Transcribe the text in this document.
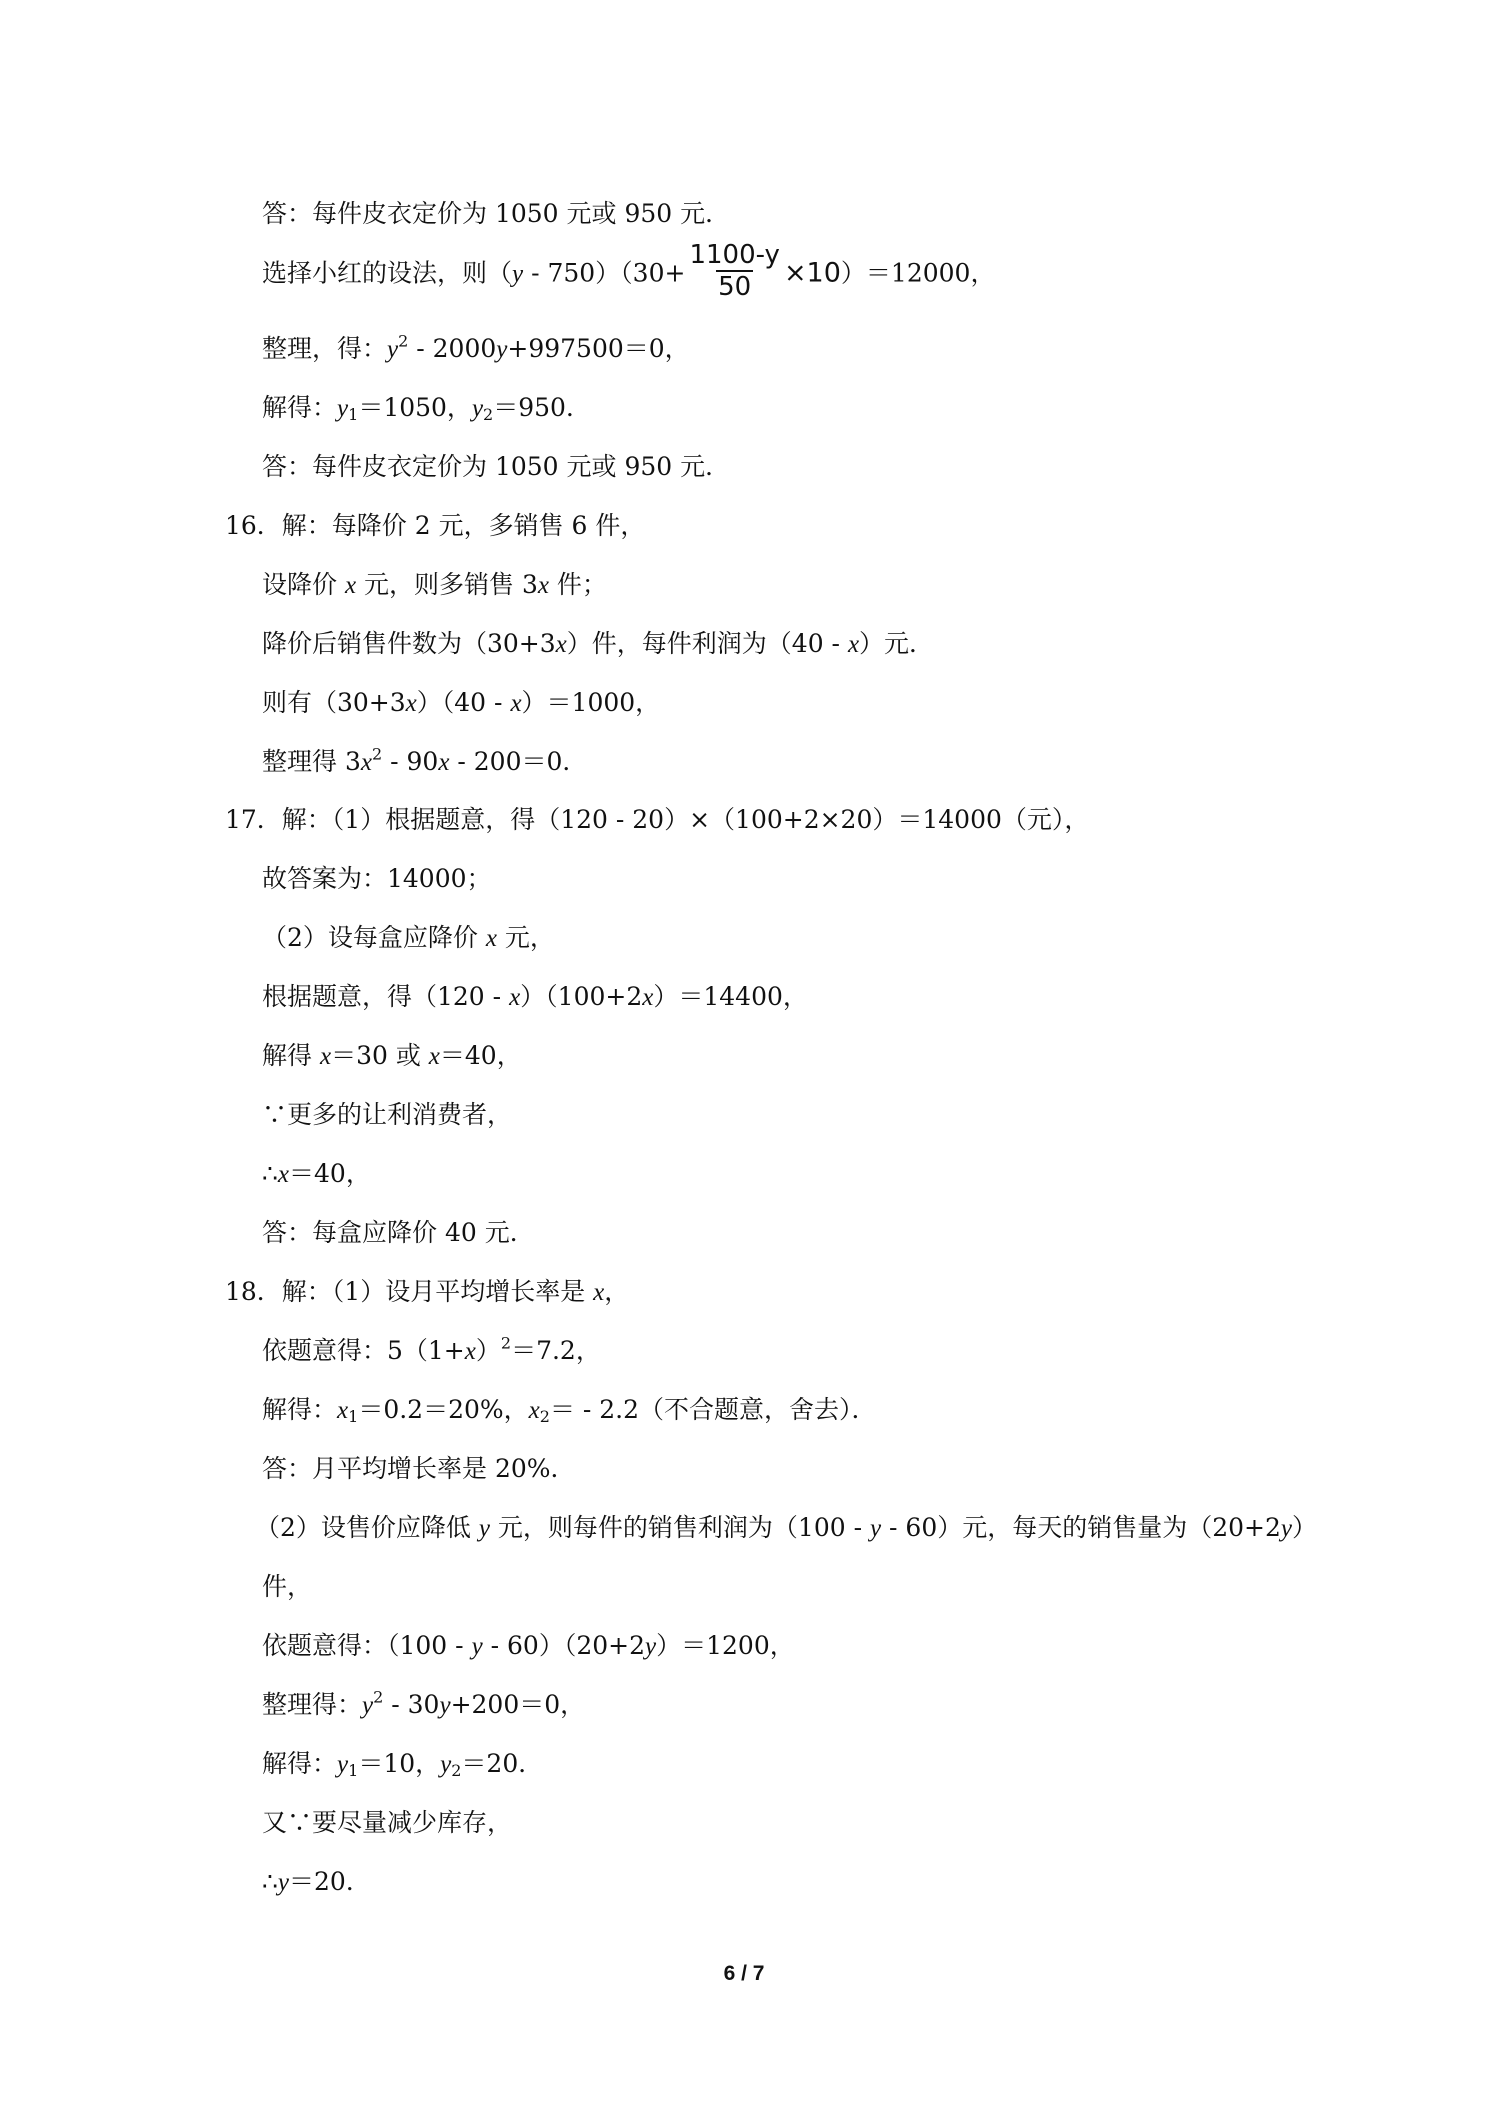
答：每件皮衣定价为 1050 元或 950 元．
选择小红的设法，则$(y - 750)(30+ \frac{1100-y}{50} \times 10)=12000$，
整理，得：$y^2 - 2000y+997500=0$，
解得：$y_1=1050$，$y_2=950$．
答：每件皮衣定价为 1050 元或 950 元．
16．解：每降价 2 元，多销售 6 件，
设降价 x 元，则多销售 3x 件；
降价后销售件数为（30+3x）件，每件利润为（40 - x）元．
则有（30+3x）（40 - x）＝1000，
整理得 $3x^2 - 90x - 200=0$．
17．解：（1）根据题意，得（120 - 20）×（100+2×20）＝14000（元），
故答案为：14000；
（2）设每盒应降价 x 元，
根据题意，得（120 - x）（100+2x）＝14400，
解得 x＝30 或 x＝40，
∵更多的让利消费者，
∴x＝40，
答：每盒应降价 40 元．
18．解：（1）设月平均增长率是 x，
依题意得：$5(1+x)^2=7.2$，
解得：$x_1=0.2=20\%$，$x_2= - 2.2$（不合题意，舍去）．
答：月平均增长率是 20%．
（2）设售价应降低 y 元，则每件的销售利润为（100 - y - 60）元，每天的销售量为（20+2y）
件，
依题意得：（100 - y - 60）（20+2y）＝1200，
整理得：$y^2 - 30y+200=0$，
解得：$y_1=10$，$y_2=20$．
又∵要尽量减少库存，
∴y＝20．
6 / 7
